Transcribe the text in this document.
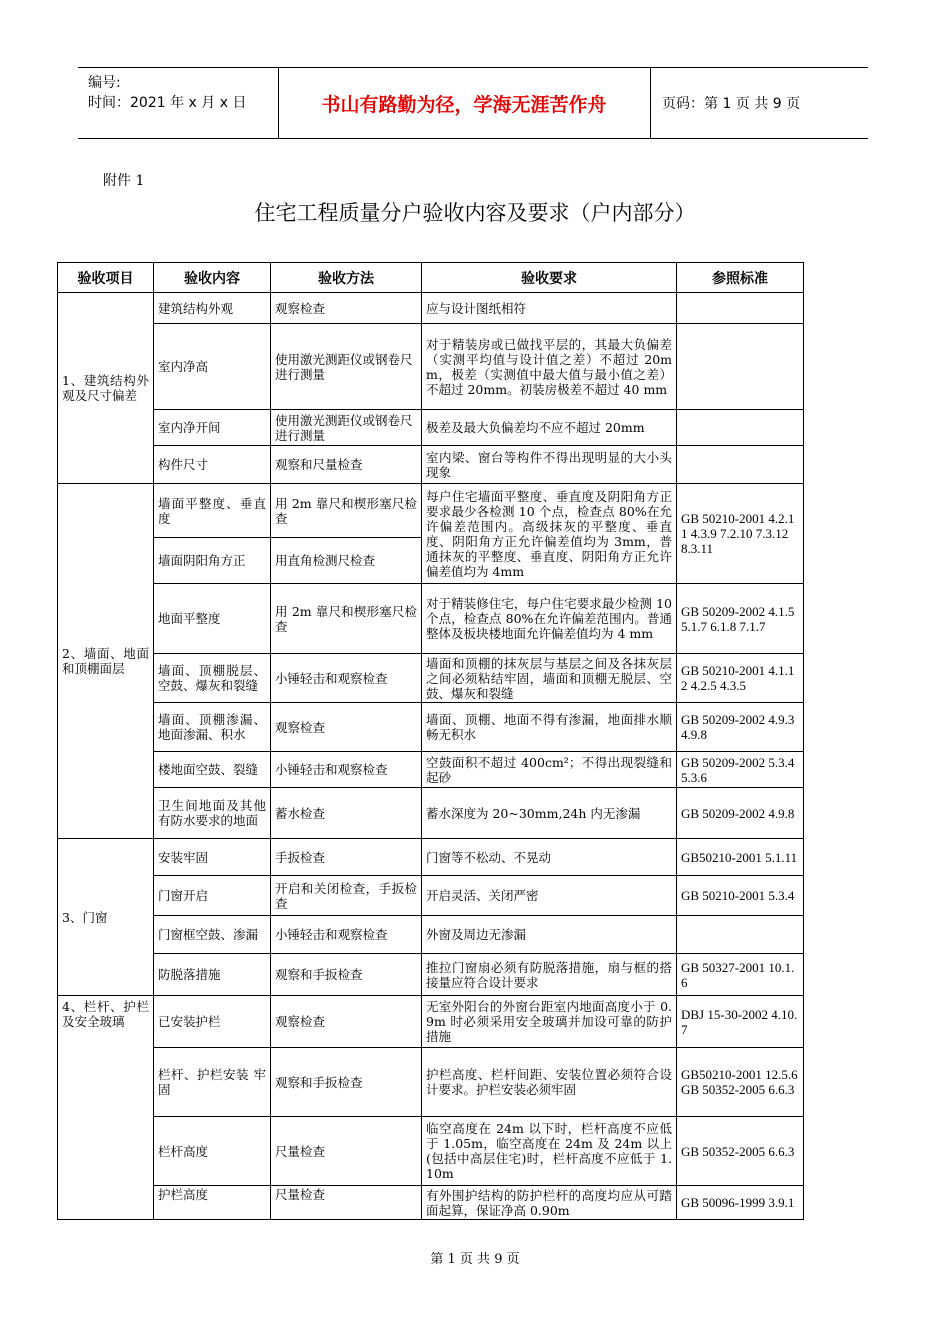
编号:
时间：2021 年 x 月 x 日	书山有路勤为径，学海无涯苦作舟	页码：第 1 页 共 9 页
附件 1
住宅工程质量分户验收内容及要求（户内部分）
验收项目	验收内容	验收方法	验收要求	参照标准
1、建筑结构外观及尺寸偏差	建筑结构外观	观察检查	应与设计图纸相符	
	室内净高	使用激光测距仪或钢卷尺进行测量	对于精装房或已做找平层的，其最大负偏差（实测平均值与设计值之差）不超过 20mm，极差（实测值中最大值与最小值之差）不超过 20mm。初装房极差不超过 40 mm	
	室内净开间	使用激光测距仪或钢卷尺进行测量	极差及最大负偏差均不应不超过 20mm	
	构件尺寸	观察和尺量检查	室内梁、窗台等构件不得出现明显的大小头现象	
2、墙面、地面和顶棚面层	墙面平整度、垂直度	用 2m 靠尺和楔形塞尺检查	每户住宅墙面平整度、垂直度及阴阳角方正要求最少各检测 10 个点，检查点 80%在允许偏差范围内。高级抹灰的平整度、垂直度、阴阳角方正允许偏差值均为 3mm，普通抹灰的平整度、垂直度、阴阳角方正允许偏差值均为 4mm	GB 50210-2001 4.2.11 4.3.9 7.2.10 7.3.12 8.3.11
	墙面阴阳角方正	用直角检测尺检查		
	地面平整度	用 2m 靠尺和楔形塞尺检查	对于精装修住宅，每户住宅要求最少检测 10 个点，检查点 80%在允许偏差范围内。普通整体及板块楼地面允许偏差值均为 4 mm	GB 50209-2002 4.1.5 5.1.7 6.1.8 7.1.7
	墙面、顶棚脱层、空鼓、爆灰和裂缝	小锤轻击和观察检查	墙面和顶棚的抹灰层与基层之间及各抹灰层之间必须粘结牢固，墙面和顶棚无脱层、空鼓、爆灰和裂缝	GB 50210-2001 4.1.12 4.2.5 4.3.5
	墙面、顶棚渗漏、地面渗漏、积水	观察检查	墙面、顶棚、地面不得有渗漏，地面排水顺畅无积水	GB 50209-2002 4.9.3 4.9.8
	楼地面空鼓、裂缝	小锤轻击和观察检查	空鼓面积不超过 400cm²；不得出现裂缝和起砂	GB 50209-2002 5.3.4 5.3.6
	卫生间地面及其他有防水要求的地面	蓄水检查	蓄水深度为 20~30mm,24h 内无渗漏	GB 50209-2002 4.9.8
3、门窗	安装牢固	手扳检查	门窗等不松动、不晃动	GB50210-2001 5.1.11
	门窗开启	开启和关闭检查，手扳检查	开启灵活、关闭严密	GB 50210-2001 5.3.4
	门窗框空鼓、渗漏	小锤轻击和观察检查	外窗及周边无渗漏	
	防脱落措施	观察和手扳检查	推拉门窗扇必须有防脱落措施，扇与框的搭接量应符合设计要求	GB 50327-2001 10.1.6
4、栏杆、护栏及安全玻璃	已安装护栏	观察检查	无室外阳台的外窗台距室内地面高度小于 0.9m 时必须采用安全玻璃并加设可靠的防护措施	DBJ 15-30-2002 4.10.7
	栏杆、护栏安装 牢固	观察和手扳检查	护栏高度、栏杆间距、安装位置必须符合设计要求。护栏安装必须牢固	GB50210-2001 12.5.6 GB 50352-2005 6.6.3
	栏杆高度	尺量检查	临空高度在 24m 以下时，栏杆高度不应低于 1.05m，临空高度在 24m 及 24m 以上(包括中高层住宅)时，栏杆高度不应低于 1.10m	GB 50352-2005 6.6.3
	护栏高度	尺量检查	有外围护结构的防护栏杆的高度均应从可踏面起算，保证净高 0.90m	GB 50096-1999 3.9.1
第 1 页 共 9 页
